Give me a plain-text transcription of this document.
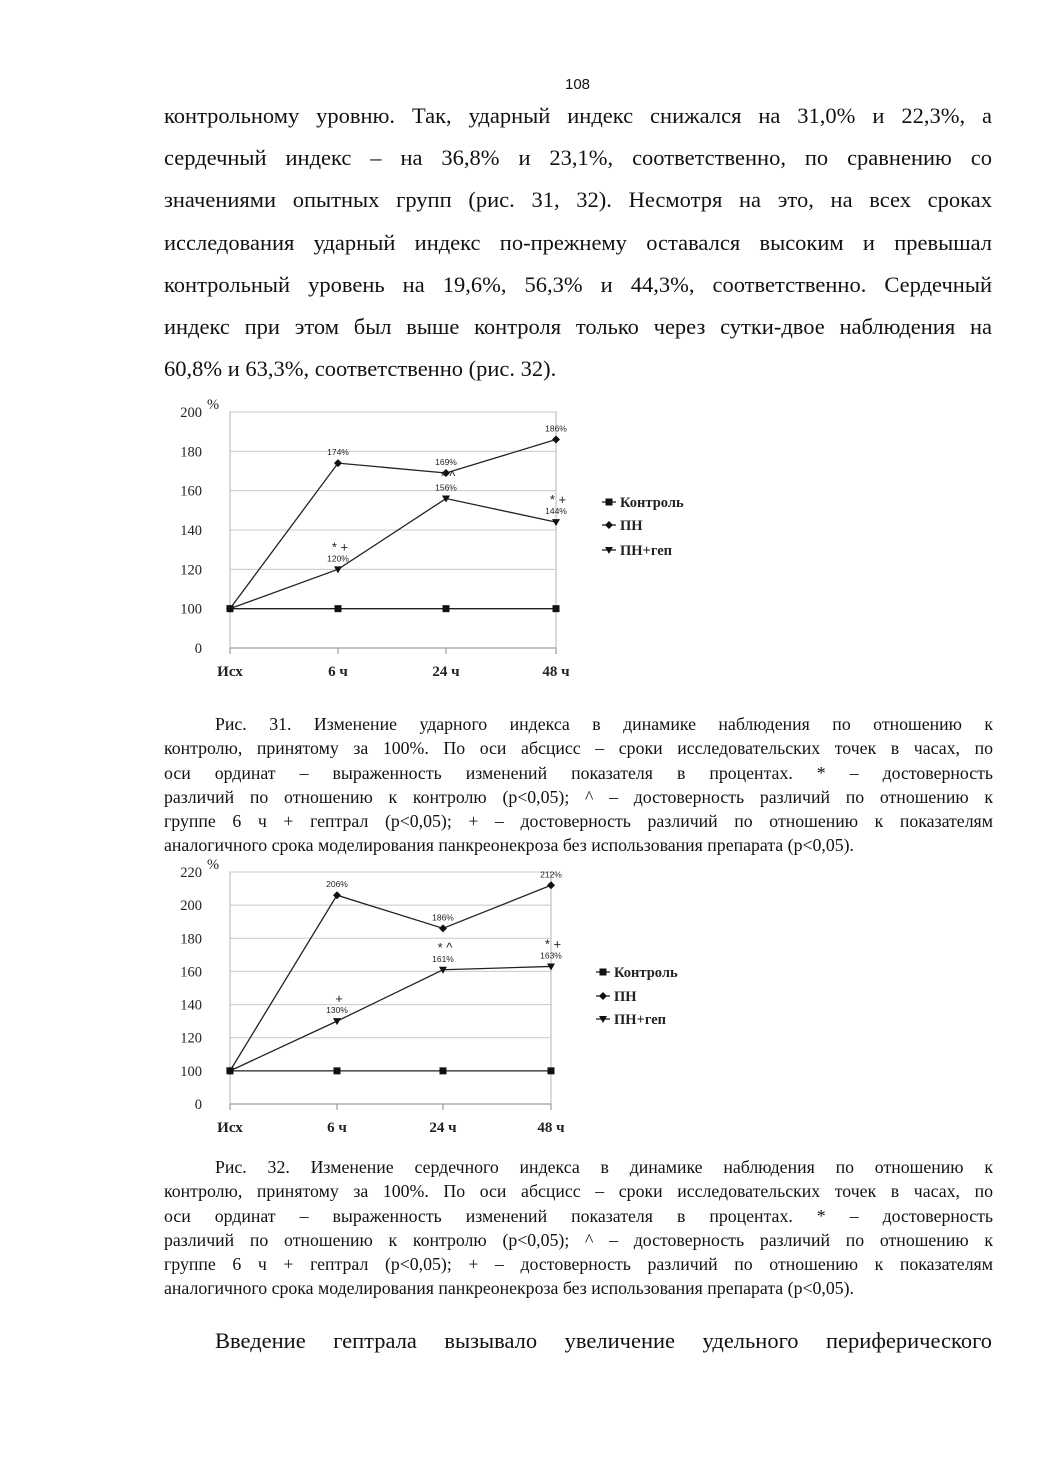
108

контрольному уровню. Так, ударный индекс снижался на 31,0% и 22,3%, а
сердечный индекс – на 36,8% и 23,1%, соответственно, по сравнению со
значениями опытных групп (рис. 31, 32). Несмотря на это, на всех сроках
исследования ударный индекс по-прежнему оставался высоким и превышал
контрольный уровень на 19,6%, 56,3% и 44,3%, соответственно. Сердечный
индекс при этом был выше контроля только через сутки-двое наблюдения на
60,8% и 63,3%, соответственно (рис. 32).

0
100
120
140
160
180
200 %
Исх	6 ч	24 ч	48 ч
174%
169%
186%
120%
156%
144%
* +
* ^
* +	Контроль
ПН
ПН+геп

Рис. 31. Изменение ударного индекса в динамике наблюдения по отношению к
контролю, принятому за 100%. По оси абсцисс – сроки исследовательских точек в часах, по
оси ординат – выраженность изменений показателя в процентах. * – достоверность
различий по отношению к контролю (p<0,05); ^ – достоверность различий по отношению к
группе 6 ч + гептрал (p<0,05); + – достоверность различий по отношению к показателям
аналогичного срока моделирования панкреонекроза без использования препарата (p<0,05).

0
100
120
140
160
180
200
220 %
Исх	6 ч	24 ч	48 ч
206%
186%
212%
130%
161%	163%
+
* ^	* +
Контроль
ПН
ПН+геп

Рис. 32. Изменение сердечного индекса в динамике наблюдения по отношению к
контролю, принятому за 100%. По оси абсцисс – сроки исследовательских точек в часах, по
оси ординат – выраженность изменений показателя в процентах. * – достоверность
различий по отношению к контролю (p<0,05); ^ – достоверность различий по отношению к
группе 6 ч + гептрал (p<0,05); + – достоверность различий по отношению к показателям
аналогичного срока моделирования панкреонекроза без использования препарата (p<0,05).

Введение гептрала вызывало увеличение удельного периферического
